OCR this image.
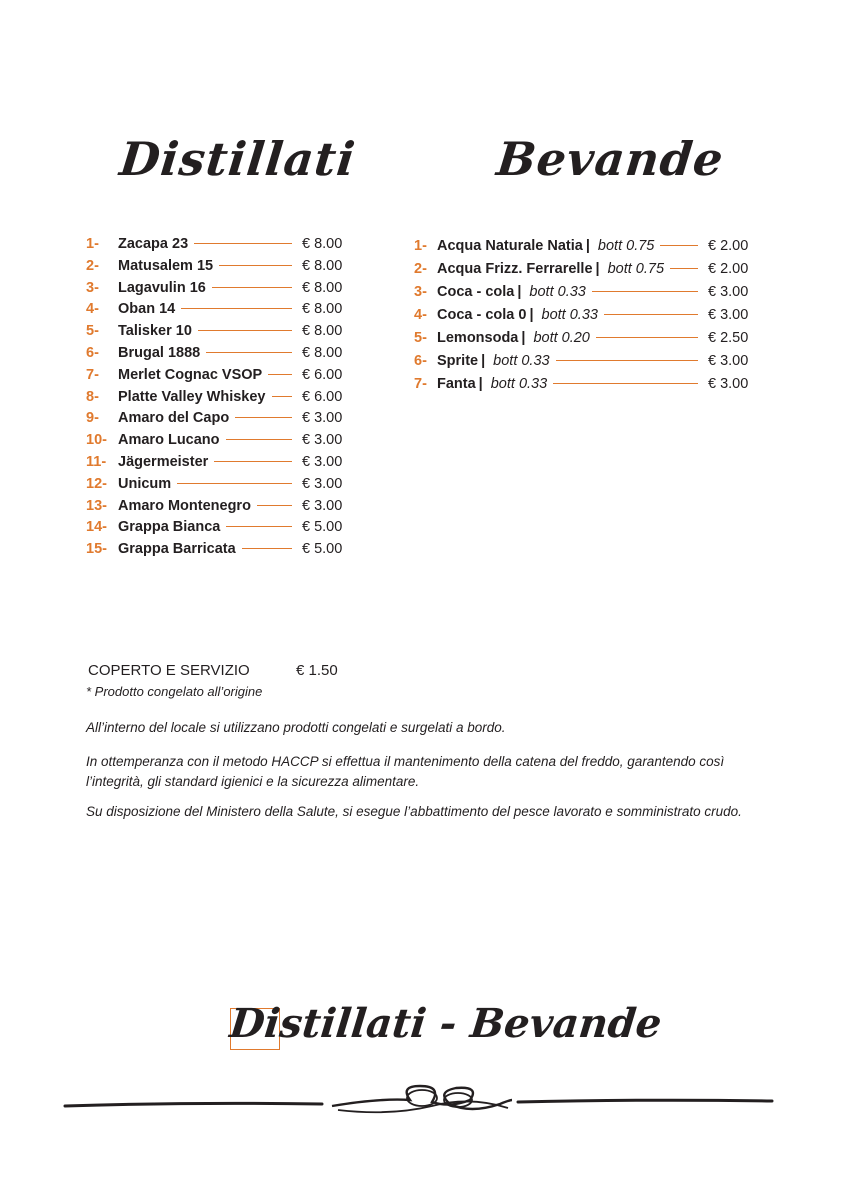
Distillati	Bevande
1-	Zacapa 23	€ 8.00
2-	Matusalem 15	€ 8.00
3-	Lagavulin 16	€ 8.00
4-	Oban 14	€ 8.00
5-	Talisker 10	€ 8.00
6-	Brugal 1888	€ 8.00
7-	Merlet Cognac VSOP	€ 6.00
8-	Platte Valley Whiskey	€ 6.00
9-	Amaro del Capo	€ 3.00
10- Amaro Lucano	€ 3.00
11- Jägermeister	€ 3.00
12- Unicum	€ 3.00
13- Amaro Montenegro	€ 3.00
14- Grappa Bianca	€ 5.00
15- Grappa Barricata	€ 5.00
1- Acqua Naturale Natia | bott 0.75	€ 2.00
2- Acqua Frizz. Ferrarelle | bott 0.75	€ 2.00
3- Coca - cola | bott 0.33	€ 3.00
4- Coca - cola 0 | bott 0.33	€ 3.00
5- Lemonsoda | bott 0.20	€ 2.50
6- Sprite | bott 0.33	€ 3.00
7- Fanta | bott 0.33	€ 3.00
COPERTO E SERVIZIO	€ 1.50
* Prodotto congelato all’origine

All’interno del locale si utilizzano prodotti congelati e surgelati a bordo.

In ottemperanza con il metodo HACCP si effettua il mantenimento della catena del freddo, garantendo così l’integrità, gli standard igienici e la sicurezza alimentare.

Su disposizione del Ministero della Salute, si esegue l’abbattimento del pesce lavorato e somministrato crudo.

Distillati - Bevande
